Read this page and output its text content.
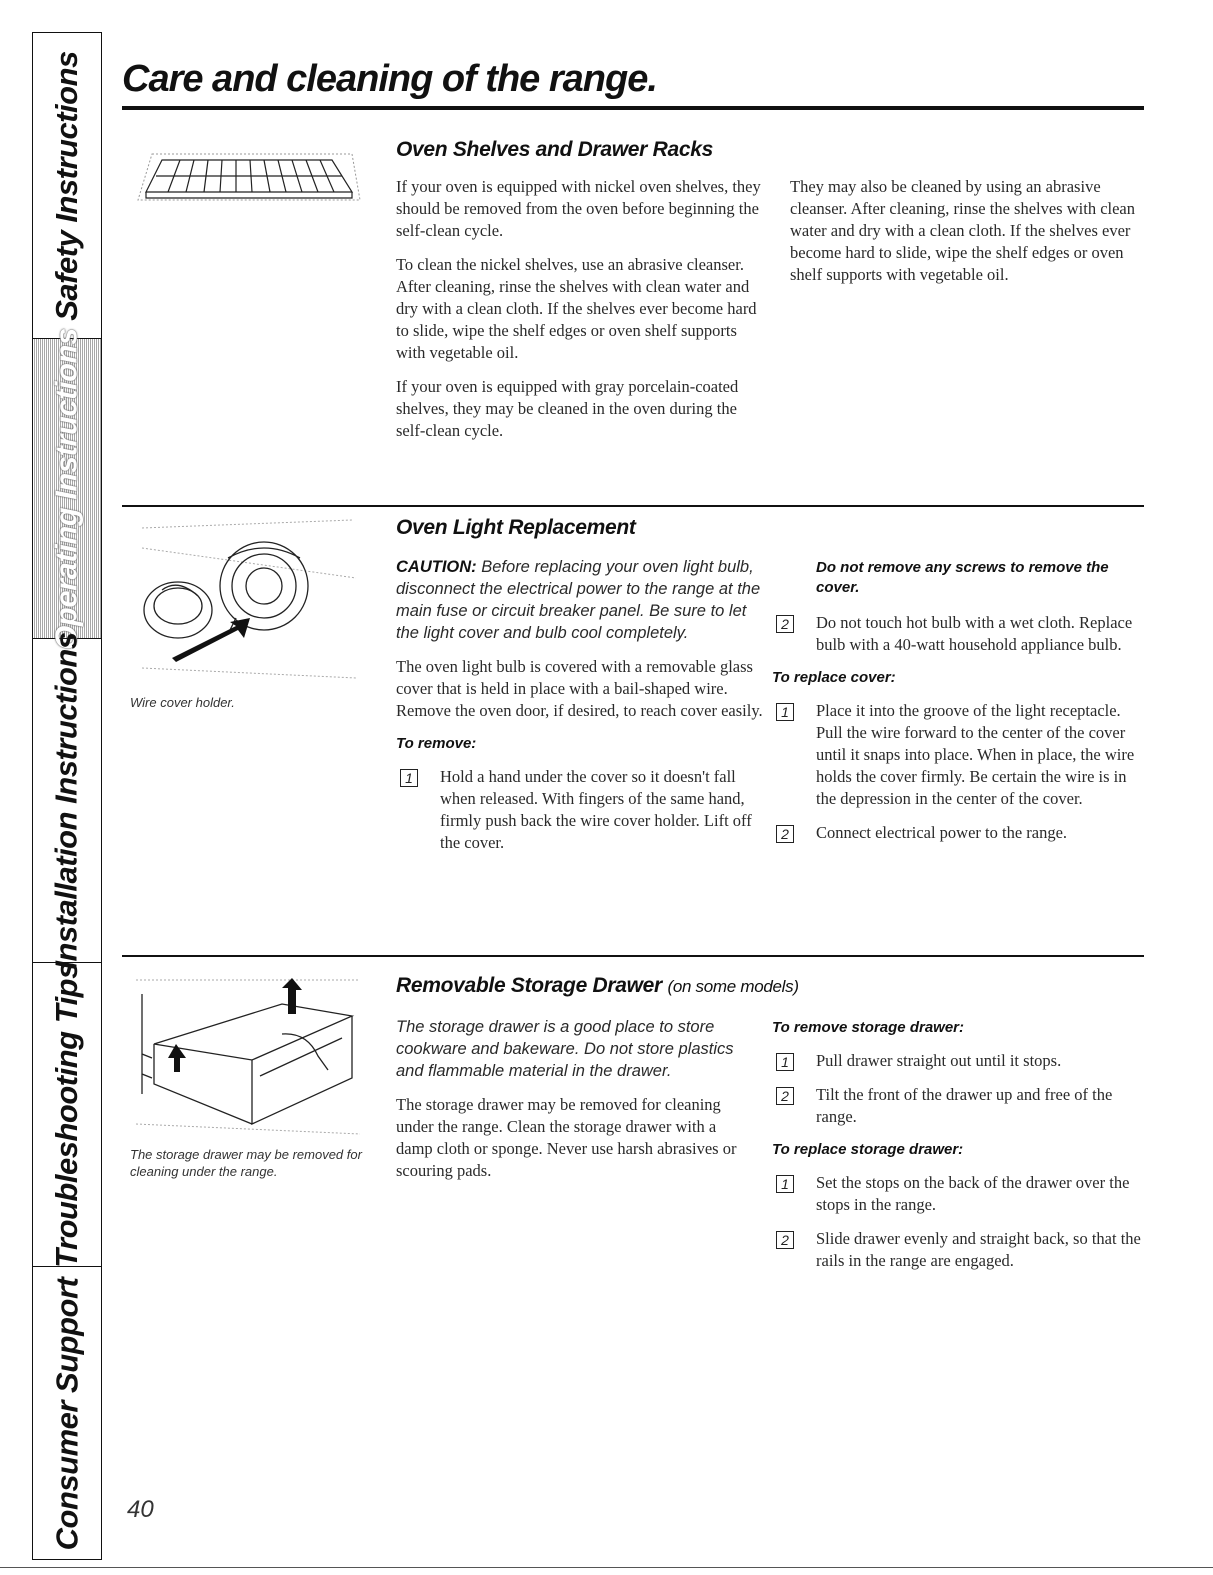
Safety Instructions
Operating Instructions
Installation Instructions
Troubleshooting Tips
Consumer Support
Care and cleaning of the range.
Oven Shelves and Drawer Racks

If your oven is equipped with nickel oven shelves, they should be removed from the oven before beginning the self-clean cycle.

To clean the nickel shelves, use an abrasive cleanser. After cleaning, rinse the shelves with clean water and dry with a clean cloth. If the shelves ever become hard to slide, wipe the shelf edges or oven shelf supports with vegetable oil.

If your oven is equipped with gray porcelain-coated shelves, they may be cleaned in the oven during the self-clean cycle.

They may also be cleaned by using an abrasive cleanser. After cleaning, rinse the shelves with clean water and dry with a clean cloth. If the shelves ever become hard to slide, wipe the shelf edges or oven shelf supports with vegetable oil.

Wire cover holder.
Oven Light Replacement

CAUTION: Before replacing your oven light bulb, disconnect the electrical power to the range at the main fuse or circuit breaker panel. Be sure to let the light cover and bulb cool completely.

The oven light bulb is covered with a removable glass cover that is held in place with a bail-shaped wire. Remove the oven door, if desired, to reach cover easily.

To remove:
1	Hold a hand under the cover so it doesn't fall when released. With fingers of the same hand, firmly push back the wire cover holder. Lift off the cover.
Do not remove any screws to remove the cover.
2	Do not touch hot bulb with a wet cloth. Replace bulb with a 40-watt household appliance bulb.
To replace cover:
1	Place it into the groove of the light receptacle. Pull the wire forward to the center of the cover until it snaps into place. When in place, the wire holds the cover firmly. Be certain the wire is in the depression in the center of the cover.
2	Connect electrical power to the range.
The storage drawer may be removed for cleaning under the range.
Removable Storage Drawer (on some models)

The storage drawer is a good place to store cookware and bakeware. Do not store plastics and flammable material in the drawer.

The storage drawer may be removed for cleaning under the range. Clean the storage drawer with a damp cloth or sponge. Never use harsh abrasives or scouring pads.

To remove storage drawer:
1	Pull drawer straight out until it stops.
2	Tilt the front of the drawer up and free of the range.
To replace storage drawer:
1	Set the stops on the back of the drawer over the stops in the range.
2	Slide drawer evenly and straight back, so that the rails in the range are engaged.
40
